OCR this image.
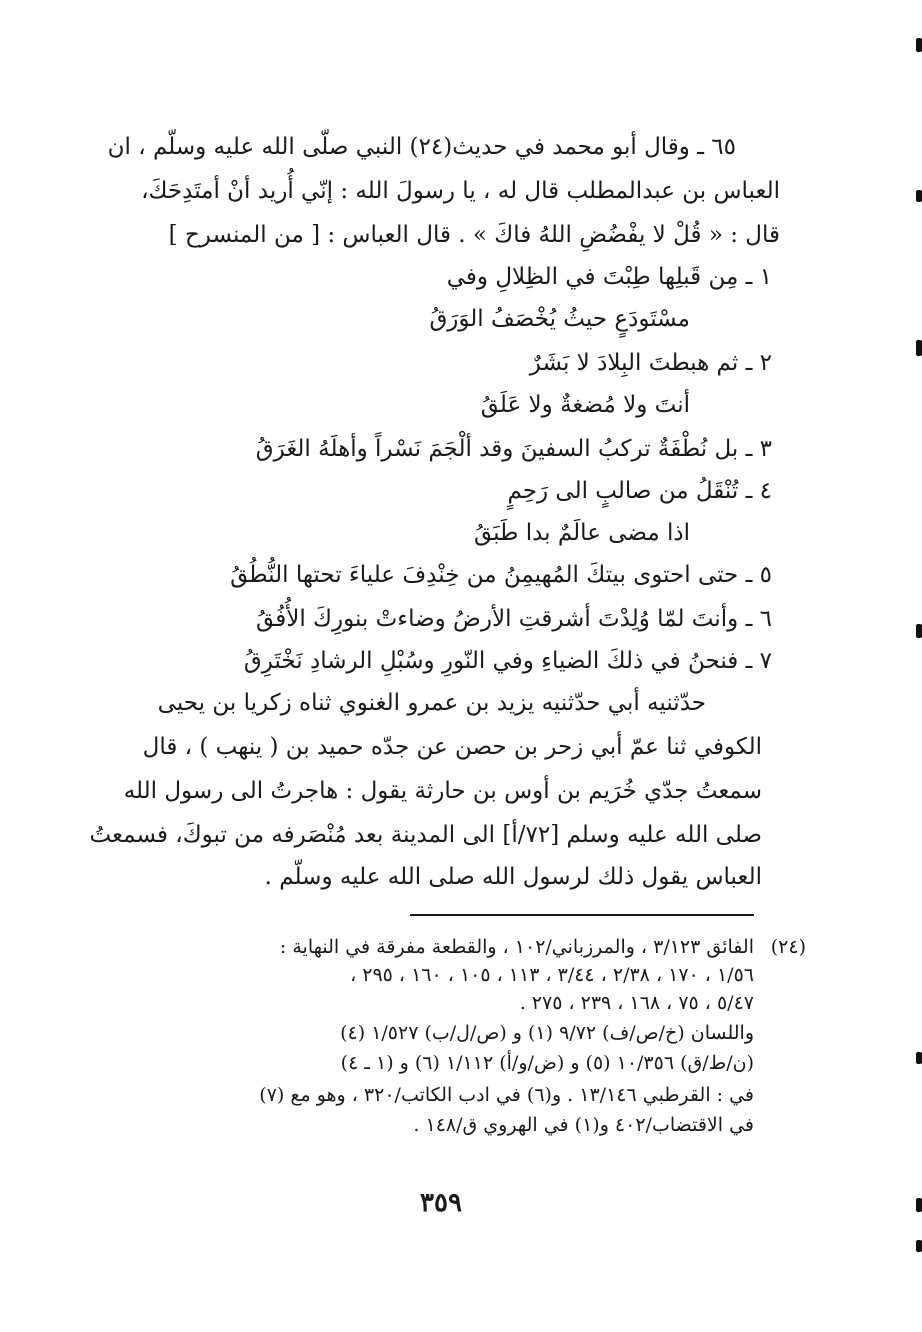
٦٥ ـ وقال أبو محمد في حديث(٢٤) النبي صلّى الله عليه وسلّم ، ان
العباس بن عبدالمطلب قال له ، يا رسولَ الله : إنّي أُريد أنْ أمتَدِحَكَ،
قال : « قُلْ لا يفْضُضِ اللهُ فاكَ » . قال العباس : [ من المنسرح ]
١ ـ مِن قَبلِها طِبْتَ في الظِلالِ وفي
مسْتَودَعٍ حيثُ يُخْصَفُ الوَرَقُ
٢ ـ ثم هبطتَ البِلادَ لا بَشَرٌ
أنتَ ولا مُضغةٌ ولا عَلَقُ
٣ ـ بل نُطْفَةٌ تركبُ السفينَ وقد ألْجَمَ نَسْراً وأهلَهُ الغَرَقُ
٤ ـ تُنْقَلُ من صالبٍ الى رَحِمٍ
اذا مضى عالَمٌ بدا طَبَقُ
٥ ـ حتى احتوى بيتكَ المُهيمِنُ من خِنْدِفَ علياءَ تحتها النُّطُقُ
٦ ـ وأنتَ لمّا وُلِدْتَ أشرقتِ الأرضُ وضاءتْ بنورِكَ الأُفُقُ
٧ ـ فنحنُ في ذلكَ الضياءِ وفي النّورِ وسُبْلِ الرشادِ نَخْتَرِقُ
حدّثنيه أبي حدّثنيه يزيد بن عمرو الغنوي ثناه زكريا بن يحيى
الكوفي ثنا عمّ أبي زحر بن حصن عن جدّه حميد بن ( ينهب ) ، قال
سمعتُ جدّي خُرَيم بن أوس بن حارثة يقول : هاجرتُ الى رسول الله
صلى الله عليه وسلم [٧٢/أ] الى المدينة بعد مُنْصَرفه من تبوكَ، فسمعتُ
العباس يقول ذلك لرسول الله صلى الله عليه وسلّم .
(٢٤)
الفائق ٣/١٢٣ ، والمرزباني/١٠٢ ، والقطعة مفرقة في النهاية :
١/٥٦ ، ١٧٠ ، ٢/٣٨ ، ٣/٤٤ ، ١١٣ ، ١٠٥ ، ١٦٠ ، ٢٩٥ ،
٥/٤٧ ، ٧٥ ، ١٦٨ ، ٢٣٩ ، ٢٧٥ .
واللسان (خ/ص/ف) ٩/٧٢ (١) و (ص/ل/ب) ١/٥٢٧ (٤)
(ن/ط/ق) ١٠/٣٥٦ (٥) و (ض/و/أ) ١/١١٢ (٦) و (١ ـ ٤)
في : القرطبي ١٣/١٤٦ . و(٦) في ادب الكاتب/٣٢٠ ، وهو مع (٧)
في الاقتضاب/٤٠٢ و(١) في الهروي ق/١٤٨ .
٣٥٩
